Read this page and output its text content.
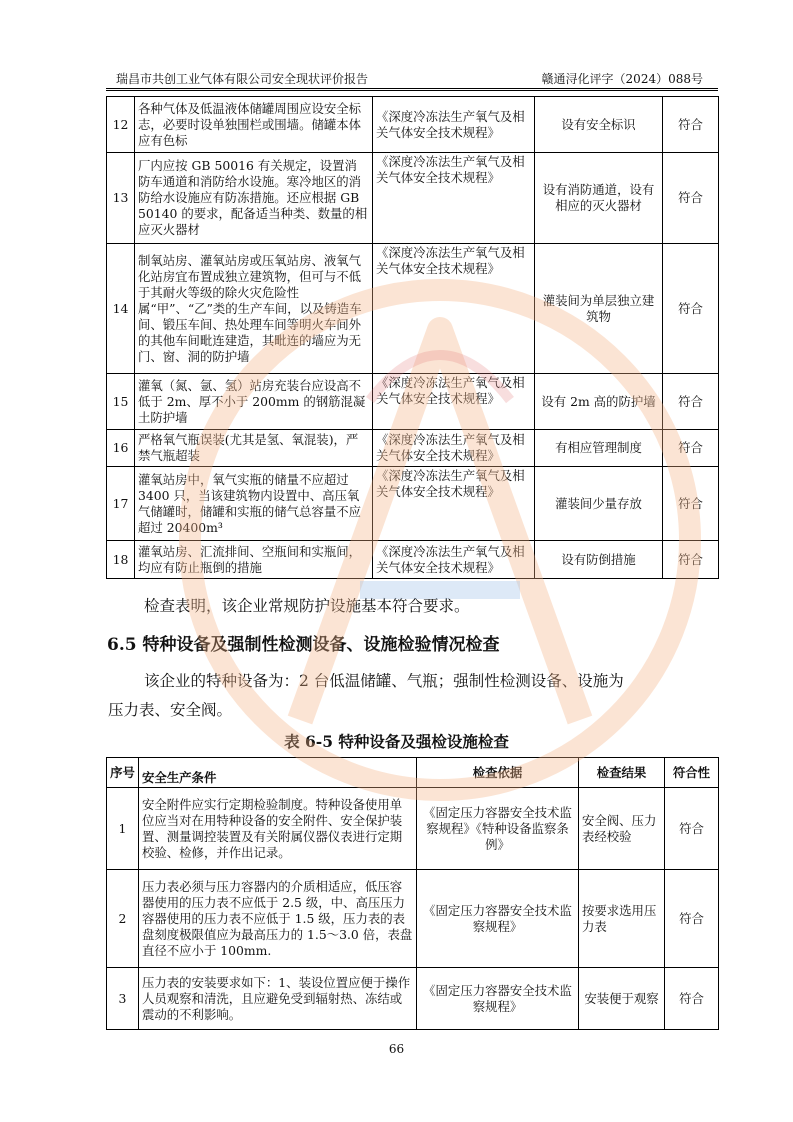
瑞昌市共创工业气体有限公司安全现状评价报告	赣通浔化评字（2024）088号
12	各种气体及低温液体储罐周围应设安全标志，必要时设单独围栏或围墙。储罐本体应有色标	《深度冷冻法生产氧气及相关气体安全技术规程》	设有安全标识	符合
13	厂内应按 GB 50016 有关规定，设置消防车通道和消防给水设施。寒冷地区的消防给水设施应有防冻措施。还应根据 GB 50140 的要求，配备适当种类、数量的相应灭火器材	《深度冷冻法生产氧气及相关气体安全技术规程》	设有消防通道，设有相应的灭火器材	符合
14	制氧站房、灌氧站房或压氧站房、液氧气化站房宜布置成独立建筑物，但可与不低于其耐火等级的除火灾危险性属“甲”、“乙”类的生产车间，以及铸造车间、锻压车间、热处理车间等明火车间外的其他车间毗连建造，其毗连的墙应为无门、窗、洞的防护墙	《深度冷冻法生产氧气及相关气体安全技术规程》	灌装间为单层独立建筑物	符合
15	灌氧（氮、氩、氢）站房充装台应设高不低于 2m、厚不小于 200mm 的钢筋混凝土防护墙	《深度冷冻法生产氧气及相关气体安全技术规程》	设有 2m 高的防护墙	符合
16	严格氧气瓶误装(尤其是氢、氧混装)，严禁气瓶超装	《深度冷冻法生产氧气及相关气体安全技术规程》	有相应管理制度	符合
17	灌氧站房中，氧气实瓶的储量不应超过 3400 只，当该建筑物内设置中、高压氧气储罐时，储罐和实瓶的储气总容量不应超过 20400m³	《深度冷冻法生产氧气及相关气体安全技术规程》	灌装间少量存放	符合
18	灌氧站房、汇流排间、空瓶间和实瓶间，均应有防止瓶倒的措施	《深度冷冻法生产氧气及相关气体安全技术规程》	设有防倒措施	符合
检查表明，该企业常规防护设施基本符合要求。
6.5 特种设备及强制性检测设备、设施检验情况检查
该企业的特种设备为：2 台低温储罐、气瓶；强制性检测设备、设施为
压力表、安全阀。
表 6-5 特种设备及强检设施检查
序号	安全生产条件	检查依据	检查结果	符合性
1	安全附件应实行定期检验制度。特种设备使用单位应当对在用特种设备的安全附件、安全保护装置、测量调控装置及有关附属仪器仪表进行定期校验、检修，并作出记录。	《固定压力容器安全技术监察规程》《特种设备监察条例》	安全阀、压力表经校验	符合
2	压力表必须与压力容器内的介质相适应，低压容器使用的压力表不应低于 2.5 级，中、高压压力容器使用的压力表不应低于 1.5 级，压力表的表盘刻度极限值应为最高压力的 1.5～3.0 倍，表盘直径不应小于 100mm.	《固定压力容器安全技术监察规程》	按要求选用压力表	符合
3	压力表的安装要求如下：1、装设位置应便于操作人员观察和清洗，且应避免受到辐射热、冻结或震动的不利影响。	《固定压力容器安全技术监察规程》	安装便于观察	符合
66
